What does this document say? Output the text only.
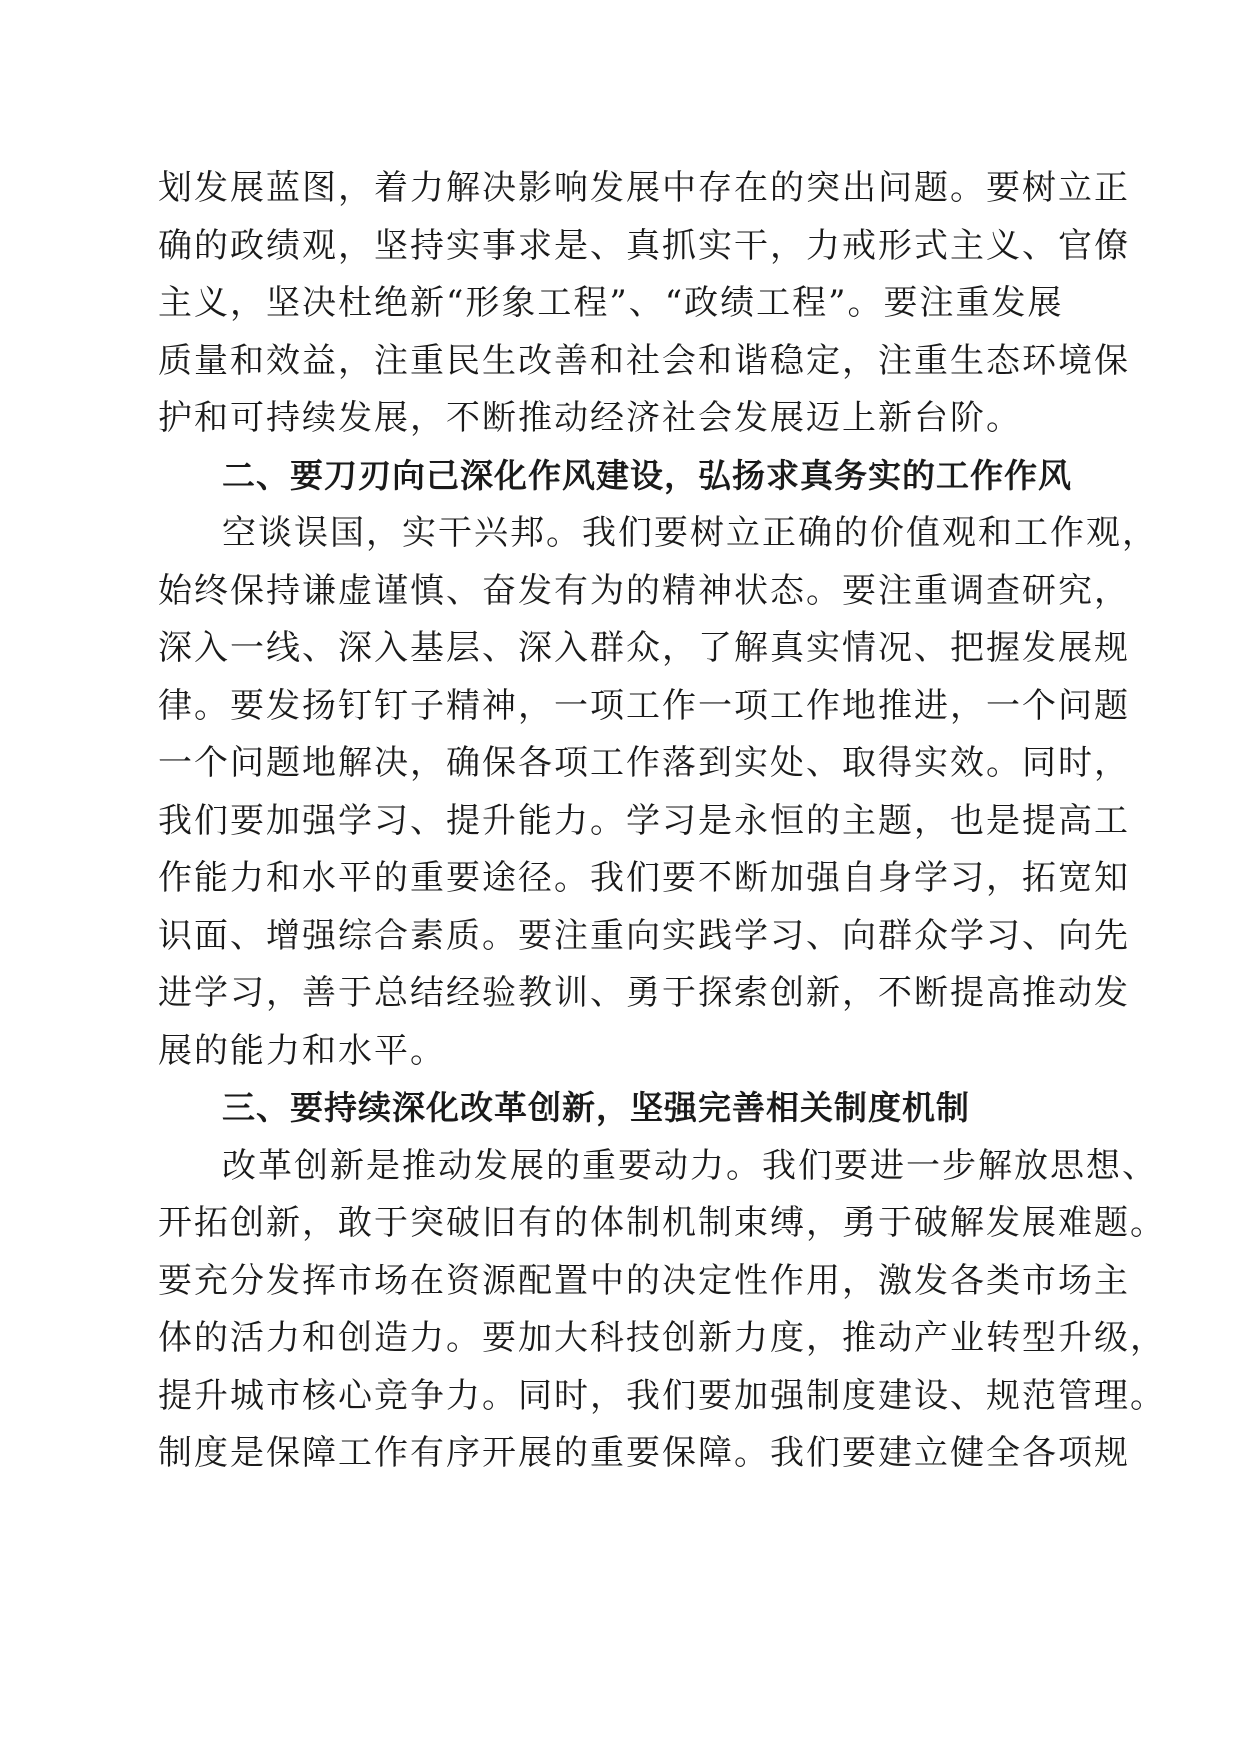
划发展蓝图，着力解决影响发展中存在的突出问题。要树立正
确的政绩观，坚持实事求是、真抓实干，力戒形式主义、官僚
主义，坚决杜绝新“形象工程”、“政绩工程”。要注重发展
质量和效益，注重民生改善和社会和谐稳定，注重生态环境保
护和可持续发展，不断推动经济社会发展迈上新台阶。
二、要刀刃向己深化作风建设，弘扬求真务实的工作作风
空谈误国，实干兴邦。我们要树立正确的价值观和工作观，
始终保持谦虚谨慎、奋发有为的精神状态。要注重调查研究，
深入一线、深入基层、深入群众，了解真实情况、把握发展规
律。要发扬钉钉子精神，一项工作一项工作地推进，一个问题
一个问题地解决，确保各项工作落到实处、取得实效。同时，
我们要加强学习、提升能力。学习是永恒的主题，也是提高工
作能力和水平的重要途径。我们要不断加强自身学习，拓宽知
识面、增强综合素质。要注重向实践学习、向群众学习、向先
进学习，善于总结经验教训、勇于探索创新，不断提高推动发
展的能力和水平。
三、要持续深化改革创新，坚强完善相关制度机制
改革创新是推动发展的重要动力。我们要进一步解放思想、
开拓创新，敢于突破旧有的体制机制束缚，勇于破解发展难题。
要充分发挥市场在资源配置中的决定性作用，激发各类市场主
体的活力和创造力。要加大科技创新力度，推动产业转型升级，
提升城市核心竞争力。同时，我们要加强制度建设、规范管理。
制度是保障工作有序开展的重要保障。我们要建立健全各项规
